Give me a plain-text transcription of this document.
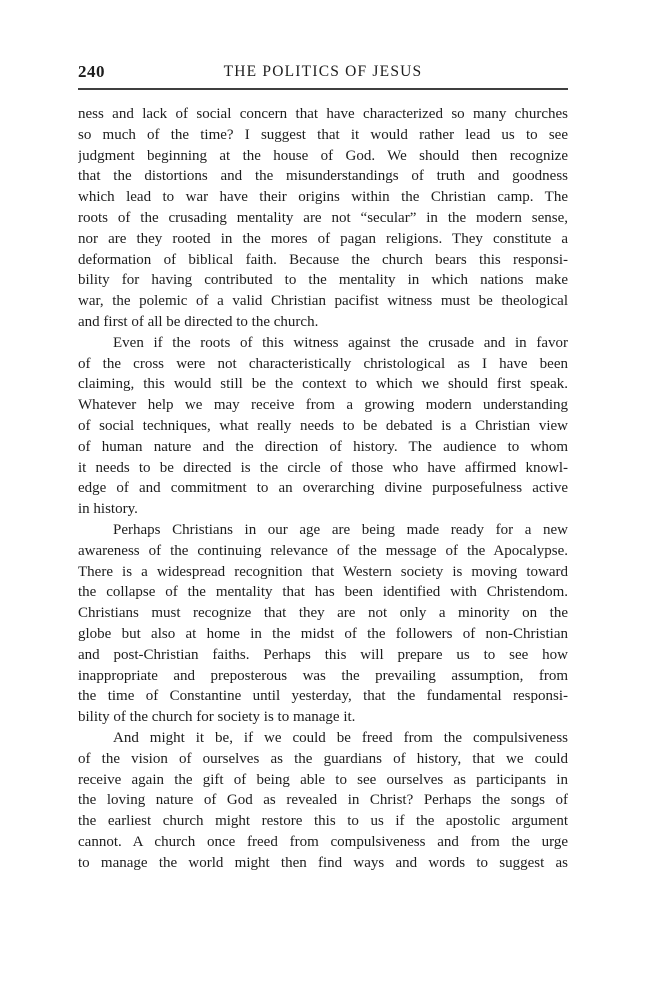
240	THE POLITICS OF JESUS
ness and lack of social concern that have characterized so many churches
so much of the time? I suggest that it would rather lead us to see
judgment beginning at the house of God. We should then recognize
that the distortions and the misunderstandings of truth and goodness
which lead to war have their origins within the Christian camp. The
roots of the crusading mentality are not “secular” in the modern sense,
nor are they rooted in the mores of pagan religions. They constitute a
deformation of biblical faith. Because the church bears this responsi-
bility for having contributed to the mentality in which nations make
war, the polemic of a valid Christian pacifist witness must be theological
and first of all be directed to the church.
Even if the roots of this witness against the crusade and in favor
of the cross were not characteristically christological as I have been
claiming, this would still be the context to which we should first speak.
Whatever help we may receive from a growing modern understanding
of social techniques, what really needs to be debated is a Christian view
of human nature and the direction of history. The audience to whom
it needs to be directed is the circle of those who have affirmed knowl-
edge of and commitment to an overarching divine purposefulness active
in history.
Perhaps Christians in our age are being made ready for a new
awareness of the continuing relevance of the message of the Apocalypse.
There is a widespread recognition that Western society is moving toward
the collapse of the mentality that has been identified with Christendom.
Christians must recognize that they are not only a minority on the
globe but also at home in the midst of the followers of non-Christian
and post-Christian faiths. Perhaps this will prepare us to see how
inappropriate and preposterous was the prevailing assumption, from
the time of Constantine until yesterday, that the fundamental responsi-
bility of the church for society is to manage it.
And might it be, if we could be freed from the compulsiveness
of the vision of ourselves as the guardians of history, that we could
receive again the gift of being able to see ourselves as participants in
the loving nature of God as revealed in Christ? Perhaps the songs of
the earliest church might restore this to us if the apostolic argument
cannot. A church once freed from compulsiveness and from the urge
to manage the world might then find ways and words to suggest as
